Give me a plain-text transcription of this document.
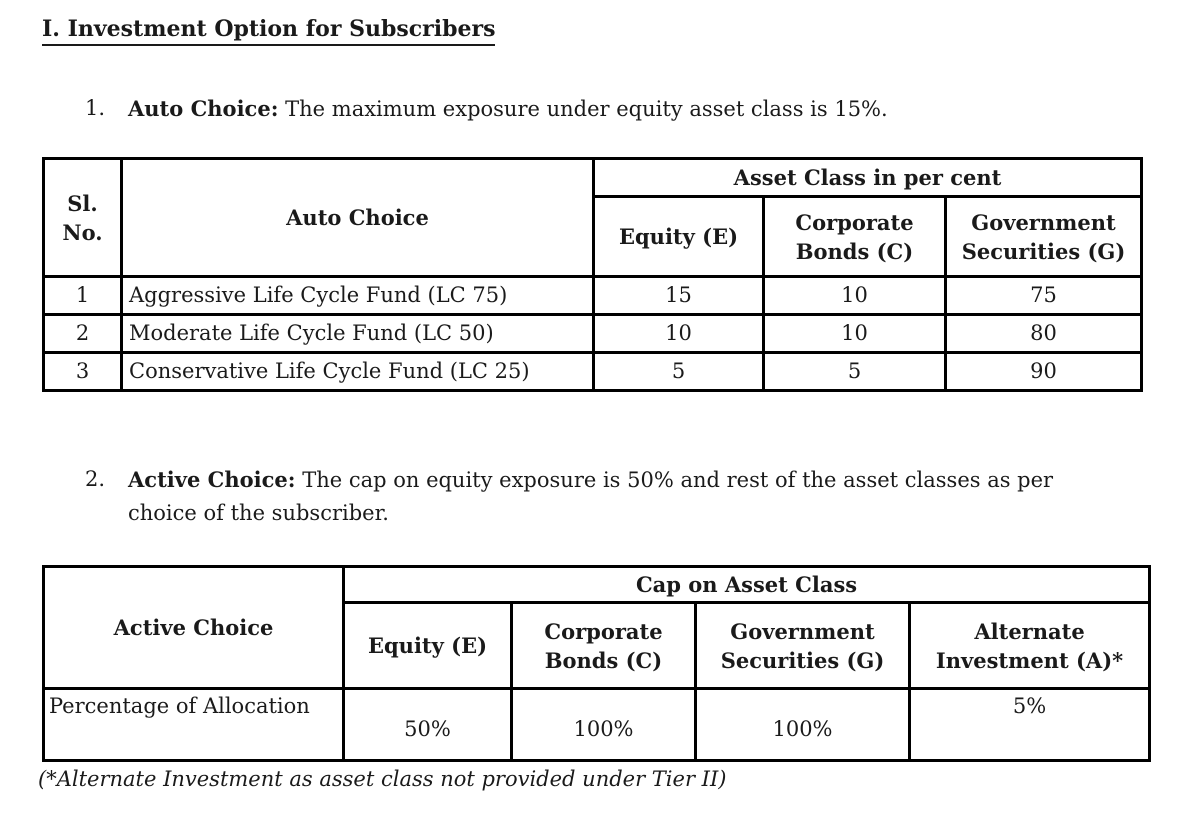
I. Investment Option for Subscribers
1.	Auto Choice: The maximum exposure under equity asset class is 15%.
Sl. No.	Auto Choice	Asset Class in per cent		
		Equity (E)	Corporate Bonds (C)	Government Securities (G)
1	Aggressive Life Cycle Fund (LC 75)	15	10	75
2	Moderate Life Cycle Fund (LC 50)	10	10	80
3	Conservative Life Cycle Fund (LC 25)	5	5	90
2.	Active Choice: The cap on equity exposure is 50% and rest of the asset classes as per choice of the subscriber.
Active Choice	Cap on Asset Class			
	Equity (E)	Corporate Bonds (C)	Government Securities (G)	Alternate Investment (A)*
Percentage of Allocation	50%	100%	100%	5%
(*Alternate Investment as asset class not provided under Tier II)
